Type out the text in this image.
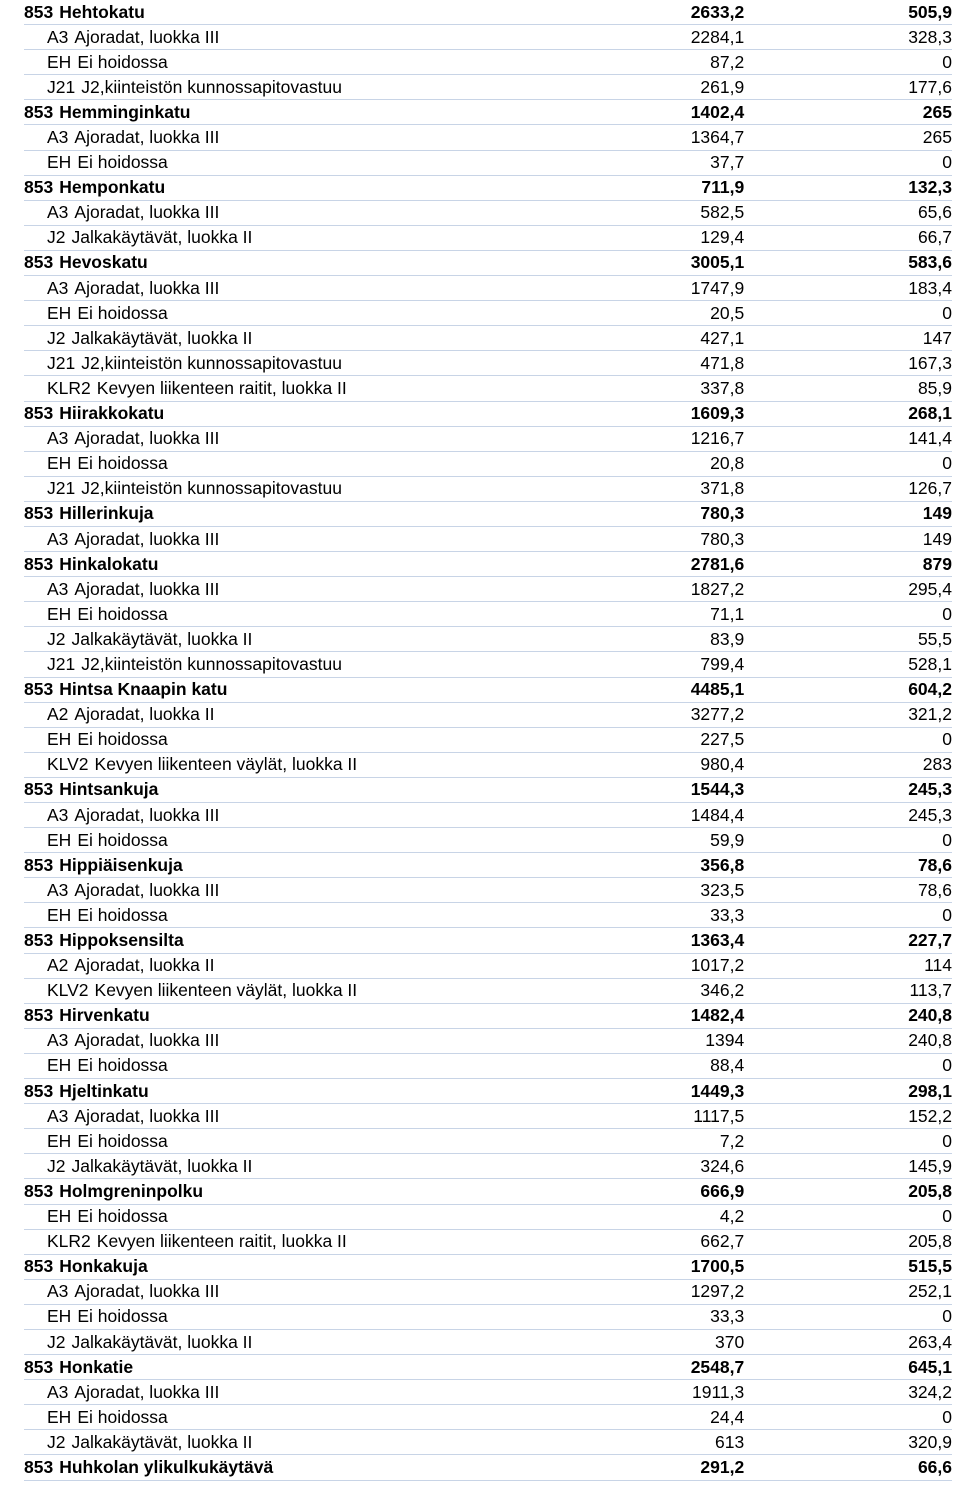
853 Hehtokatu	2633,2	505,9
A3 Ajoradat, luokka III	2284,1	328,3
EH Ei hoidossa	87,2	0
J21 J2,kiinteistön kunnossapitovastuu	261,9	177,6
853 Hemminginkatu	1402,4	265
A3 Ajoradat, luokka III	1364,7	265
EH Ei hoidossa	37,7	0
853 Hemponkatu	711,9	132,3
A3 Ajoradat, luokka III	582,5	65,6
J2 Jalkakäytävät, luokka II	129,4	66,7
853 Hevoskatu	3005,1	583,6
A3 Ajoradat, luokka III	1747,9	183,4
EH Ei hoidossa	20,5	0
J2 Jalkakäytävät, luokka II	427,1	147
J21 J2,kiinteistön kunnossapitovastuu	471,8	167,3
KLR2 Kevyen liikenteen raitit, luokka II	337,8	85,9
853 Hiirakkokatu	1609,3	268,1
A3 Ajoradat, luokka III	1216,7	141,4
EH Ei hoidossa	20,8	0
J21 J2,kiinteistön kunnossapitovastuu	371,8	126,7
853 Hillerinkuja	780,3	149
A3 Ajoradat, luokka III	780,3	149
853 Hinkalokatu	2781,6	879
A3 Ajoradat, luokka III	1827,2	295,4
EH Ei hoidossa	71,1	0
J2 Jalkakäytävät, luokka II	83,9	55,5
J21 J2,kiinteistön kunnossapitovastuu	799,4	528,1
853 Hintsa Knaapin katu	4485,1	604,2
A2 Ajoradat, luokka II	3277,2	321,2
EH Ei hoidossa	227,5	0
KLV2 Kevyen liikenteen väylät, luokka II	980,4	283
853 Hintsankuja	1544,3	245,3
A3 Ajoradat, luokka III	1484,4	245,3
EH Ei hoidossa	59,9	0
853 Hippiäisenkuja	356,8	78,6
A3 Ajoradat, luokka III	323,5	78,6
EH Ei hoidossa	33,3	0
853 Hippoksensilta	1363,4	227,7
A2 Ajoradat, luokka II	1017,2	114
KLV2 Kevyen liikenteen väylät, luokka II	346,2	113,7
853 Hirvenkatu	1482,4	240,8
A3 Ajoradat, luokka III	1394	240,8
EH Ei hoidossa	88,4	0
853 Hjeltinkatu	1449,3	298,1
A3 Ajoradat, luokka III	1117,5	152,2
EH Ei hoidossa	7,2	0
J2 Jalkakäytävät, luokka II	324,6	145,9
853 Holmgreninpolku	666,9	205,8
EH Ei hoidossa	4,2	0
KLR2 Kevyen liikenteen raitit, luokka II	662,7	205,8
853 Honkakuja	1700,5	515,5
A3 Ajoradat, luokka III	1297,2	252,1
EH Ei hoidossa	33,3	0
J2 Jalkakäytävät, luokka II	370	263,4
853 Honkatie	2548,7	645,1
A3 Ajoradat, luokka III	1911,3	324,2
EH Ei hoidossa	24,4	0
J2 Jalkakäytävät, luokka II	613	320,9
853 Huhkolan ylikulkukäytävä	291,2	66,6
